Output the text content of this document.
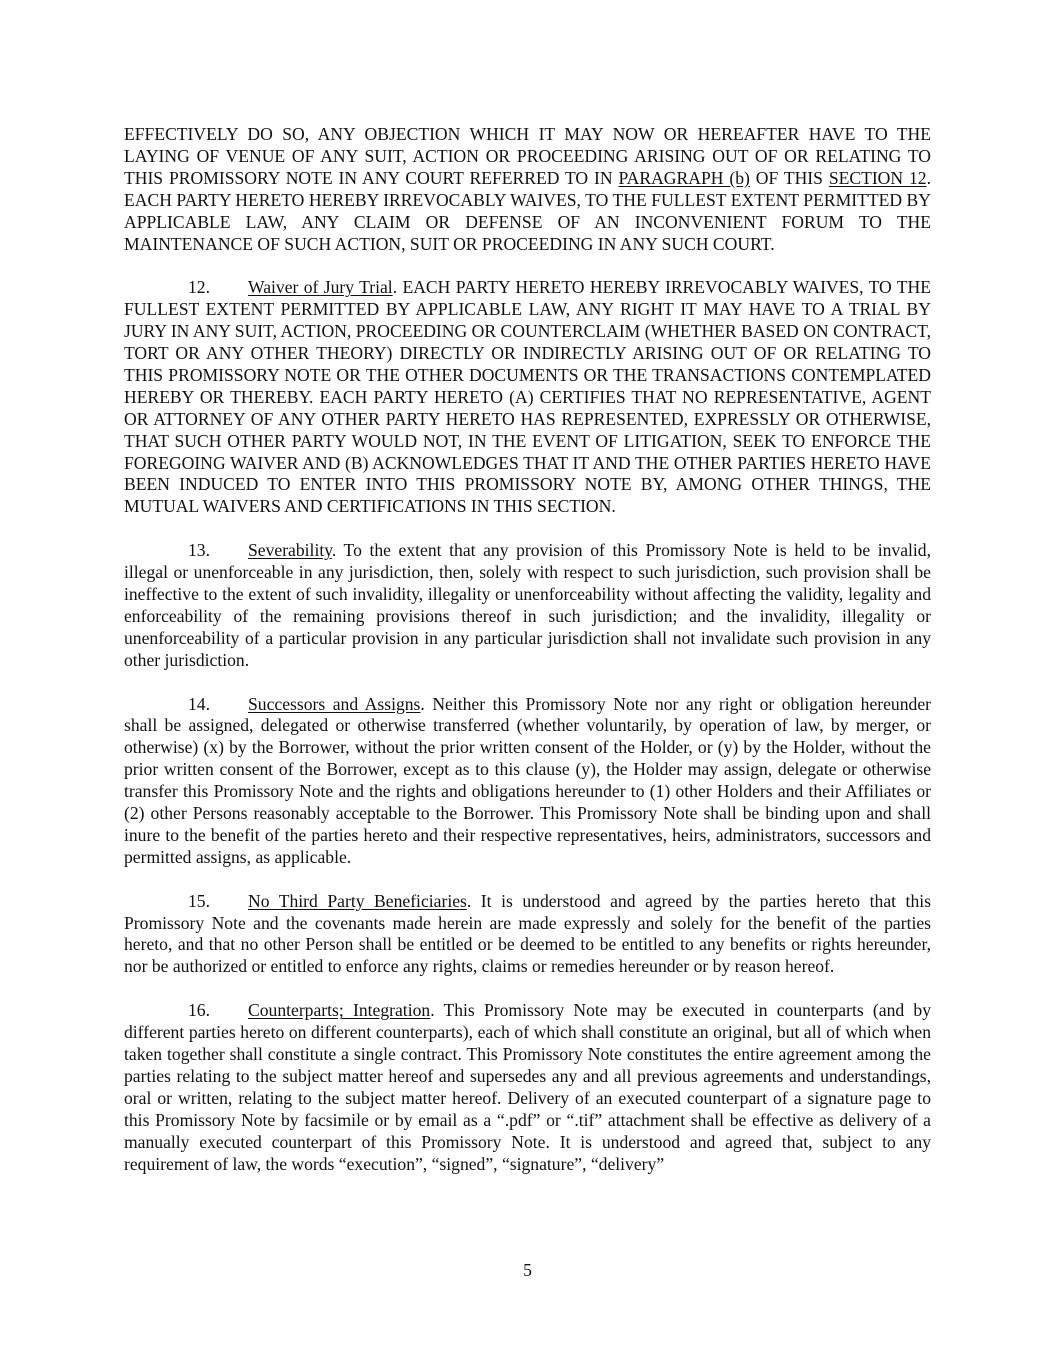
EFFECTIVELY DO SO, ANY OBJECTION WHICH IT MAY NOW OR HEREAFTER HAVE TO THE LAYING OF VENUE OF ANY SUIT, ACTION OR PROCEEDING ARISING OUT OF OR RELATING TO THIS PROMISSORY NOTE IN ANY COURT REFERRED TO IN PARAGRAPH (b) OF THIS SECTION 12. EACH PARTY HERETO HEREBY IRREVOCABLY WAIVES, TO THE FULLEST EXTENT PERMITTED BY APPLICABLE LAW, ANY CLAIM OR DEFENSE OF AN INCONVENIENT FORUM TO THE MAINTENANCE OF SUCH ACTION, SUIT OR PROCEEDING IN ANY SUCH COURT.

12. Waiver of Jury Trial. EACH PARTY HERETO HEREBY IRREVOCABLY WAIVES, TO THE FULLEST EXTENT PERMITTED BY APPLICABLE LAW, ANY RIGHT IT MAY HAVE TO A TRIAL BY JURY IN ANY SUIT, ACTION, PROCEEDING OR COUNTERCLAIM (WHETHER BASED ON CONTRACT, TORT OR ANY OTHER THEORY) DIRECTLY OR INDIRECTLY ARISING OUT OF OR RELATING TO THIS PROMISSORY NOTE OR THE OTHER DOCUMENTS OR THE TRANSACTIONS CONTEMPLATED HEREBY OR THEREBY. EACH PARTY HERETO (A) CERTIFIES THAT NO REPRESENTATIVE, AGENT OR ATTORNEY OF ANY OTHER PARTY HERETO HAS REPRESENTED, EXPRESSLY OR OTHERWISE, THAT SUCH OTHER PARTY WOULD NOT, IN THE EVENT OF LITIGATION, SEEK TO ENFORCE THE FOREGOING WAIVER AND (B) ACKNOWLEDGES THAT IT AND THE OTHER PARTIES HERETO HAVE BEEN INDUCED TO ENTER INTO THIS PROMISSORY NOTE BY, AMONG OTHER THINGS, THE MUTUAL WAIVERS AND CERTIFICATIONS IN THIS SECTION.

13. Severability. To the extent that any provision of this Promissory Note is held to be invalid, illegal or unenforceable in any jurisdiction, then, solely with respect to such jurisdiction, such provision shall be ineffective to the extent of such invalidity, illegality or unenforceability without affecting the validity, legality and enforceability of the remaining provisions thereof in such jurisdiction; and the invalidity, illegality or unenforceability of a particular provision in any particular jurisdiction shall not invalidate such provision in any other jurisdiction.

14. Successors and Assigns. Neither this Promissory Note nor any right or obligation hereunder shall be assigned, delegated or otherwise transferred (whether voluntarily, by operation of law, by merger, or otherwise) (x) by the Borrower, without the prior written consent of the Holder, or (y) by the Holder, without the prior written consent of the Borrower, except as to this clause (y), the Holder may assign, delegate or otherwise transfer this Promissory Note and the rights and obligations hereunder to (1) other Holders and their Affiliates or (2) other Persons reasonably acceptable to the Borrower. This Promissory Note shall be binding upon and shall inure to the benefit of the parties hereto and their respective representatives, heirs, administrators, successors and permitted assigns, as applicable.

15. No Third Party Beneficiaries. It is understood and agreed by the parties hereto that this Promissory Note and the covenants made herein are made expressly and solely for the benefit of the parties hereto, and that no other Person shall be entitled or be deemed to be entitled to any benefits or rights hereunder, nor be authorized or entitled to enforce any rights, claims or remedies hereunder or by reason hereof.

16. Counterparts; Integration. This Promissory Note may be executed in counterparts (and by different parties hereto on different counterparts), each of which shall constitute an original, but all of which when taken together shall constitute a single contract. This Promissory Note constitutes the entire agreement among the parties relating to the subject matter hereof and supersedes any and all previous agreements and understandings, oral or written, relating to the subject matter hereof. Delivery of an executed counterpart of a signature page to this Promissory Note by facsimile or by email as a “.pdf” or “.tif” attachment shall be effective as delivery of a manually executed counterpart of this Promissory Note. It is understood and agreed that, subject to any requirement of law, the words “execution”, “signed”, “signature”, “delivery”

5
